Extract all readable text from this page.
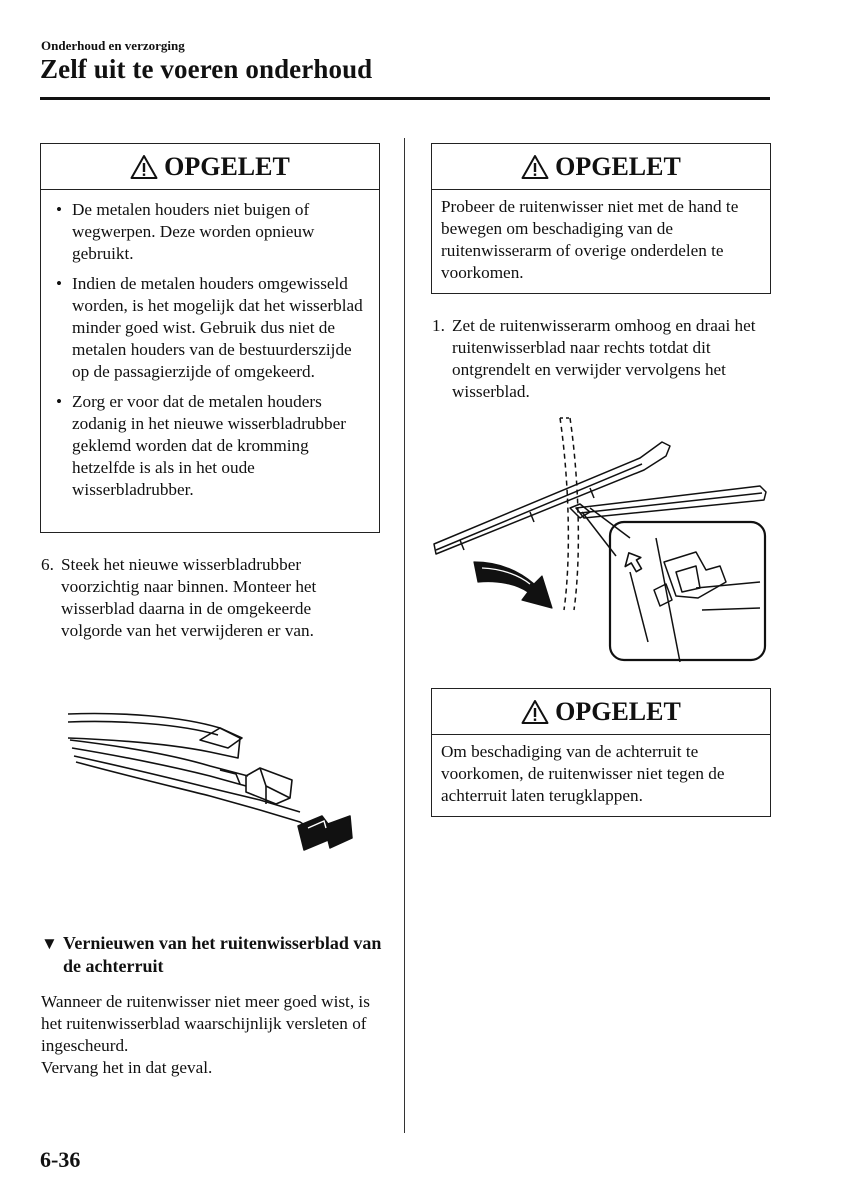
Onderhoud en verzorging
Zelf uit te voeren onderhoud
OPGELET
• De metalen houders niet buigen of wegwerpen. Deze worden opnieuw gebruikt.
• Indien de metalen houders omgewisseld worden, is het mogelijk dat het wisserblad minder goed wist. Gebruik dus niet de metalen houders van de bestuurderszijde op de passagierzijde of omgekeerd.
• Zorg er voor dat de metalen houders zodanig in het nieuwe wisserbladrubber geklemd worden dat de kromming hetzelfde is als in het oude wisserbladrubber.
6. Steek het nieuwe wisserbladrubber voorzichtig naar binnen. Monteer het wisserblad daarna in de omgekeerde volgorde van het verwijderen er van.
▼ Vernieuwen van het ruitenwisserblad van de achterruit
Wanneer de ruitenwisser niet meer goed wist, is het ruitenwisserblad waarschijnlijk versleten of ingescheurd.
Vervang het in dat geval.
OPGELET
Probeer de ruitenwisser niet met de hand te bewegen om beschadiging van de ruitenwisserarm of overige onderdelen te voorkomen.
1. Zet de ruitenwisserarm omhoog en draai het ruitenwisserblad naar rechts totdat dit ontgrendelt en verwijder vervolgens het wisserblad.
OPGELET
Om beschadiging van de achterruit te voorkomen, de ruitenwisser niet tegen de achterruit laten terugklappen.
6-36
